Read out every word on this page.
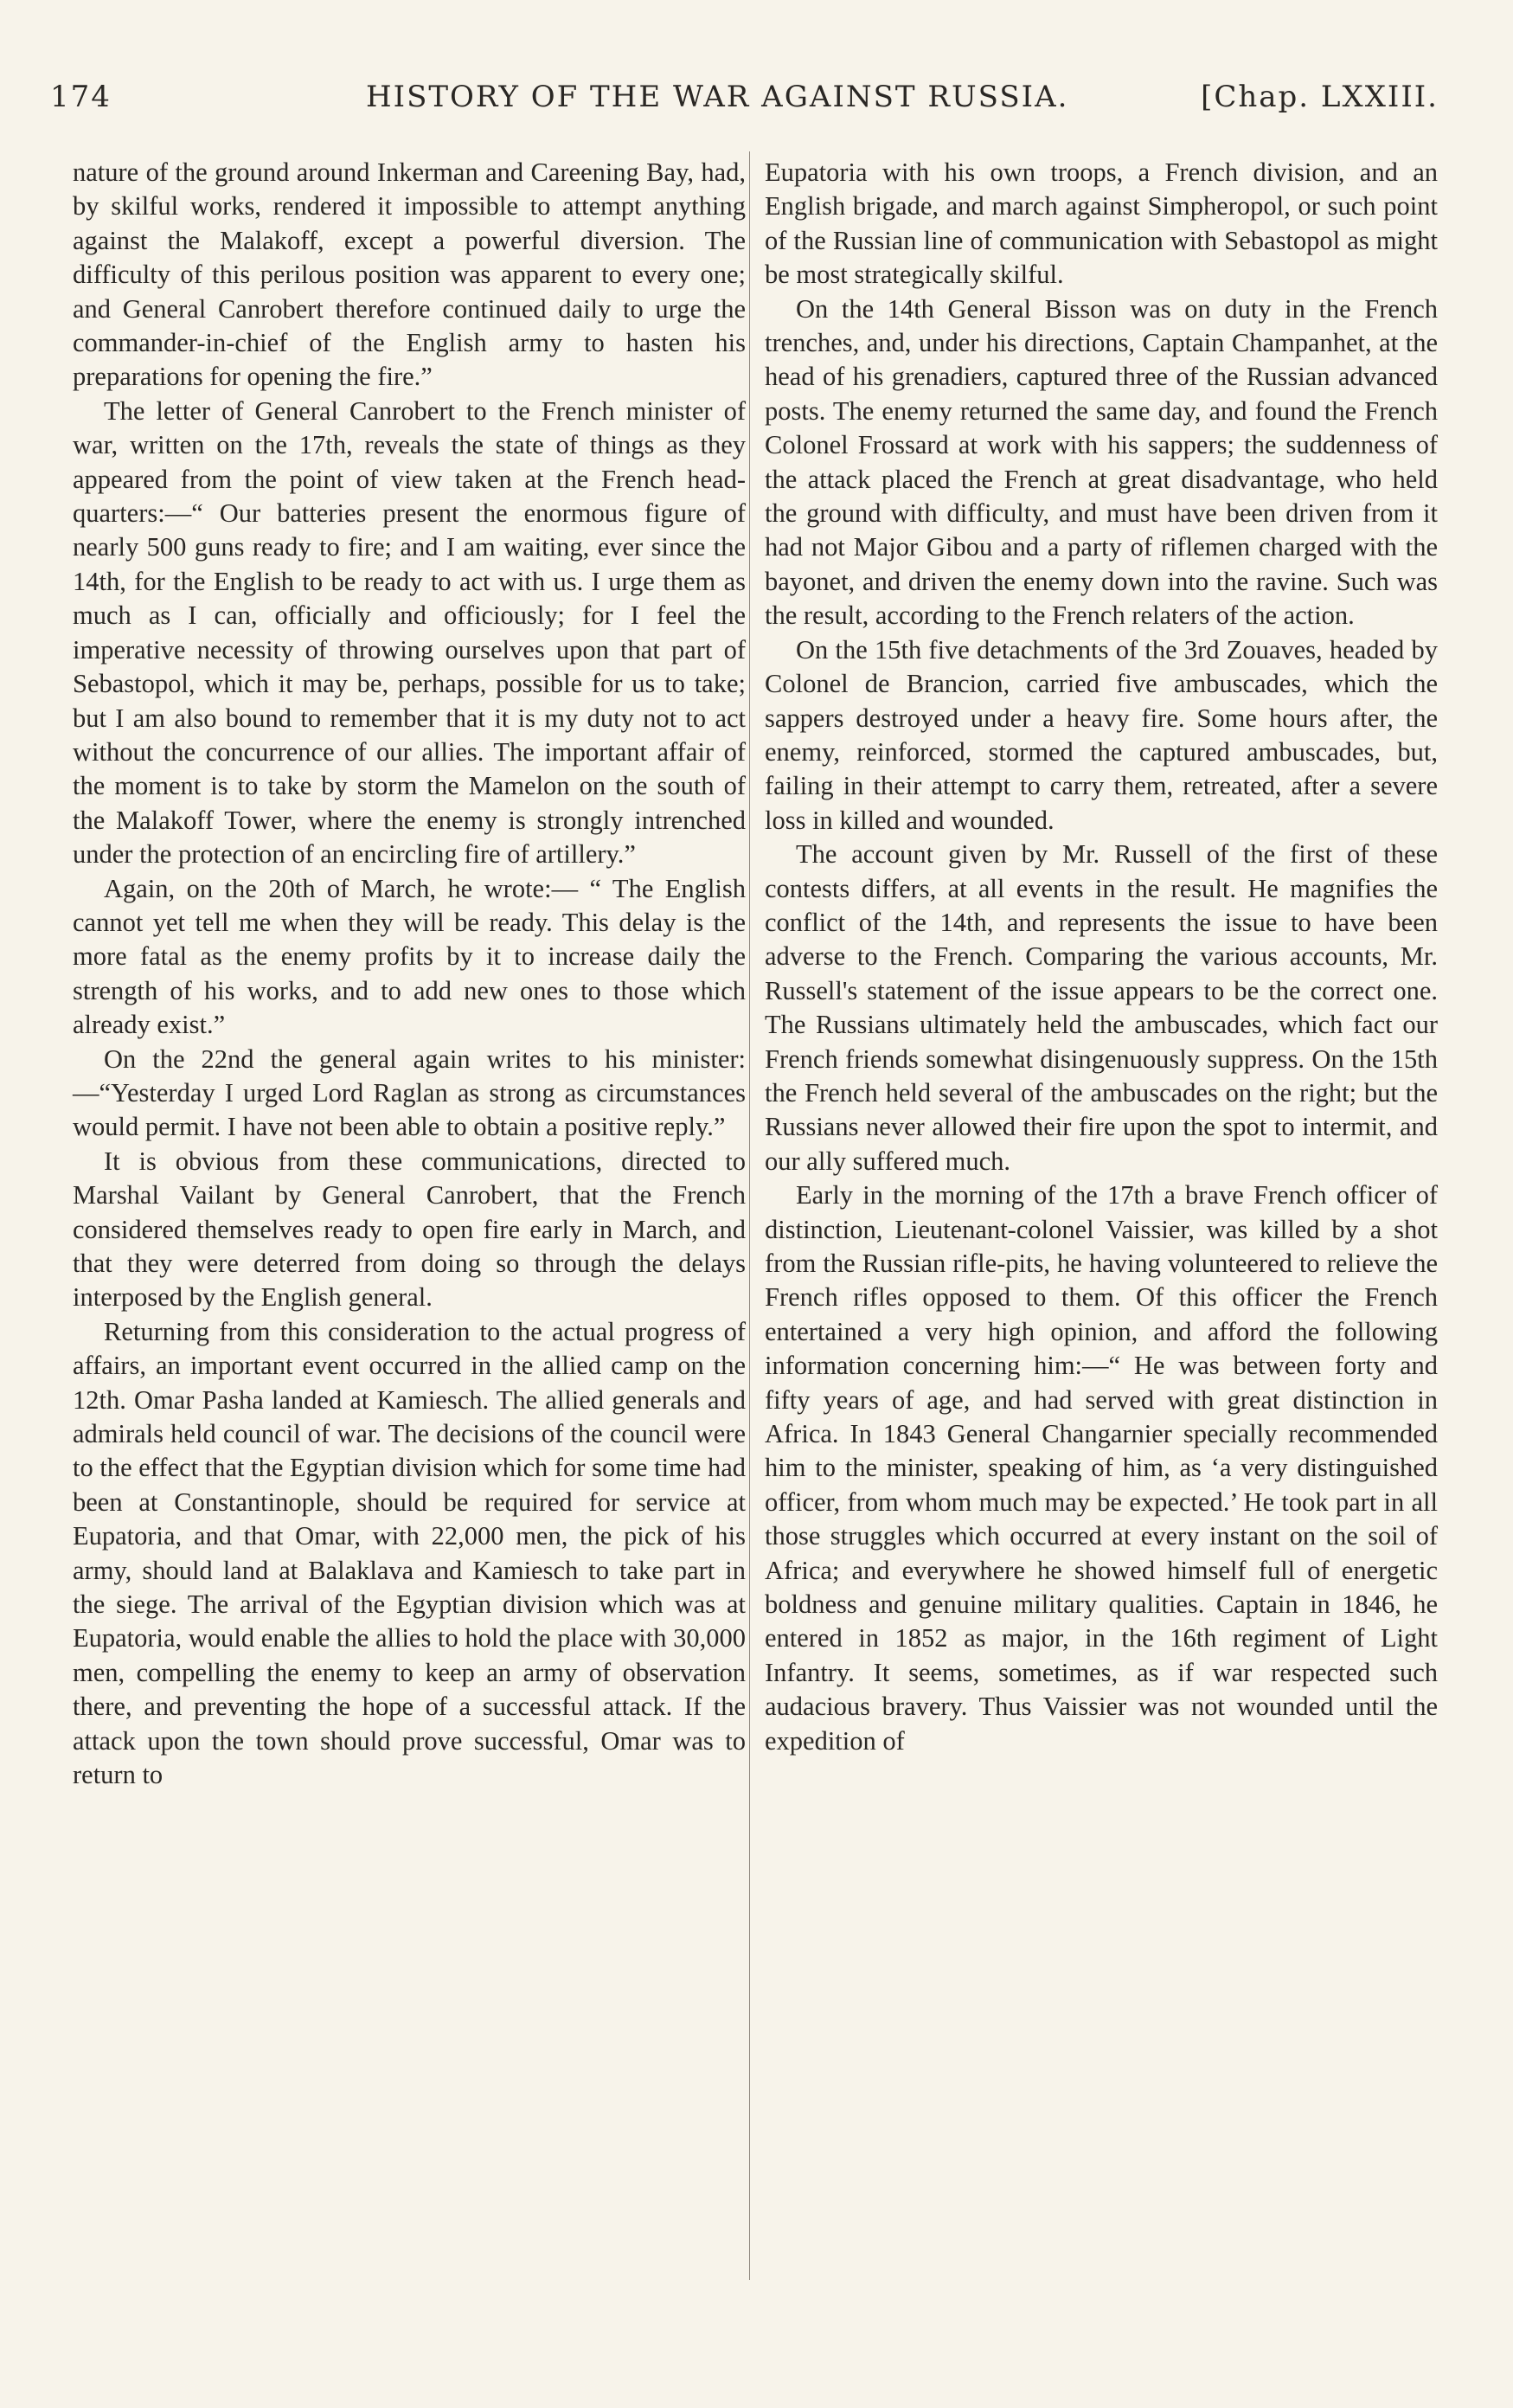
174	HISTORY OF THE WAR AGAINST RUSSIA.	[Chap. LXXIII.

nature of the ground around Inkerman and Careening Bay, had, by skilful works, rendered it impossible to attempt anything against the Malakoff, except a powerful diversion. The difficulty of this perilous position was apparent to every one; and General Canrobert therefore continued daily to urge the commander-in-chief of the English army to hasten his preparations for opening the fire.”

The letter of General Canrobert to the French minister of war, written on the 17th, reveals the state of things as they appeared from the point of view taken at the French head-quarters:—“ Our batteries present the enormous figure of nearly 500 guns ready to fire; and I am waiting, ever since the 14th, for the English to be ready to act with us. I urge them as much as I can, officially and officiously; for I feel the imperative necessity of throwing ourselves upon that part of Sebastopol, which it may be, perhaps, possible for us to take; but I am also bound to remember that it is my duty not to act without the concurrence of our allies. The important affair of the moment is to take by storm the Mamelon on the south of the Malakoff Tower, where the enemy is strongly intrenched under the protection of an encircling fire of artillery.”

Again, on the 20th of March, he wrote:— “ The English cannot yet tell me when they will be ready. This delay is the more fatal as the enemy profits by it to increase daily the strength of his works, and to add new ones to those which already exist.”

On the 22nd the general again writes to his minister:—“Yesterday I urged Lord Raglan as strong as circumstances would permit. I have not been able to obtain a positive reply.”

It is obvious from these communications, directed to Marshal Vailant by General Canrobert, that the French considered themselves ready to open fire early in March, and that they were deterred from doing so through the delays interposed by the English general.

Returning from this consideration to the actual progress of affairs, an important event occurred in the allied camp on the 12th. Omar Pasha landed at Kamiesch. The allied generals and admirals held council of war. The decisions of the council were to the effect that the Egyptian division which for some time had been at Constantinople, should be required for service at Eupatoria, and that Omar, with 22,000 men, the pick of his army, should land at Balaklava and Kamiesch to take part in the siege. The arrival of the Egyptian division which was at Eupatoria, would enable the allies to hold the place with 30,000 men, compelling the enemy to keep an army of observation there, and preventing the hope of a successful attack. If the attack upon the town should prove successful, Omar was to return to

Eupatoria with his own troops, a French division, and an English brigade, and march against Simpheropol, or such point of the Russian line of communication with Sebastopol as might be most strategically skilful.

On the 14th General Bisson was on duty in the French trenches, and, under his directions, Captain Champanhet, at the head of his grenadiers, captured three of the Russian advanced posts. The enemy returned the same day, and found the French Colonel Frossard at work with his sappers; the suddenness of the attack placed the French at great disadvantage, who held the ground with difficulty, and must have been driven from it had not Major Gibou and a party of riflemen charged with the bayonet, and driven the enemy down into the ravine. Such was the result, according to the French relaters of the action.

On the 15th five detachments of the 3rd Zouaves, headed by Colonel de Brancion, carried five ambuscades, which the sappers destroyed under a heavy fire. Some hours after, the enemy, reinforced, stormed the captured ambuscades, but, failing in their attempt to carry them, retreated, after a severe loss in killed and wounded.

The account given by Mr. Russell of the first of these contests differs, at all events in the result. He magnifies the conflict of the 14th, and represents the issue to have been adverse to the French. Comparing the various accounts, Mr. Russell's statement of the issue appears to be the correct one. The Russians ultimately held the ambuscades, which fact our French friends somewhat disingenuously suppress. On the 15th the French held several of the ambuscades on the right; but the Russians never allowed their fire upon the spot to intermit, and our ally suffered much.

Early in the morning of the 17th a brave French officer of distinction, Lieutenant-colonel Vaissier, was killed by a shot from the Russian rifle-pits, he having volunteered to relieve the French rifles opposed to them. Of this officer the French entertained a very high opinion, and afford the following information concerning him:—“ He was between forty and fifty years of age, and had served with great distinction in Africa. In 1843 General Changarnier specially recommended him to the minister, speaking of him, as ‘a very distinguished officer, from whom much may be expected.’ He took part in all those struggles which occurred at every instant on the soil of Africa; and everywhere he showed himself full of energetic boldness and genuine military qualities. Captain in 1846, he entered in 1852 as major, in the 16th regiment of Light Infantry. It seems, sometimes, as if war respected such audacious bravery. Thus Vaissier was not wounded until the expedition of
